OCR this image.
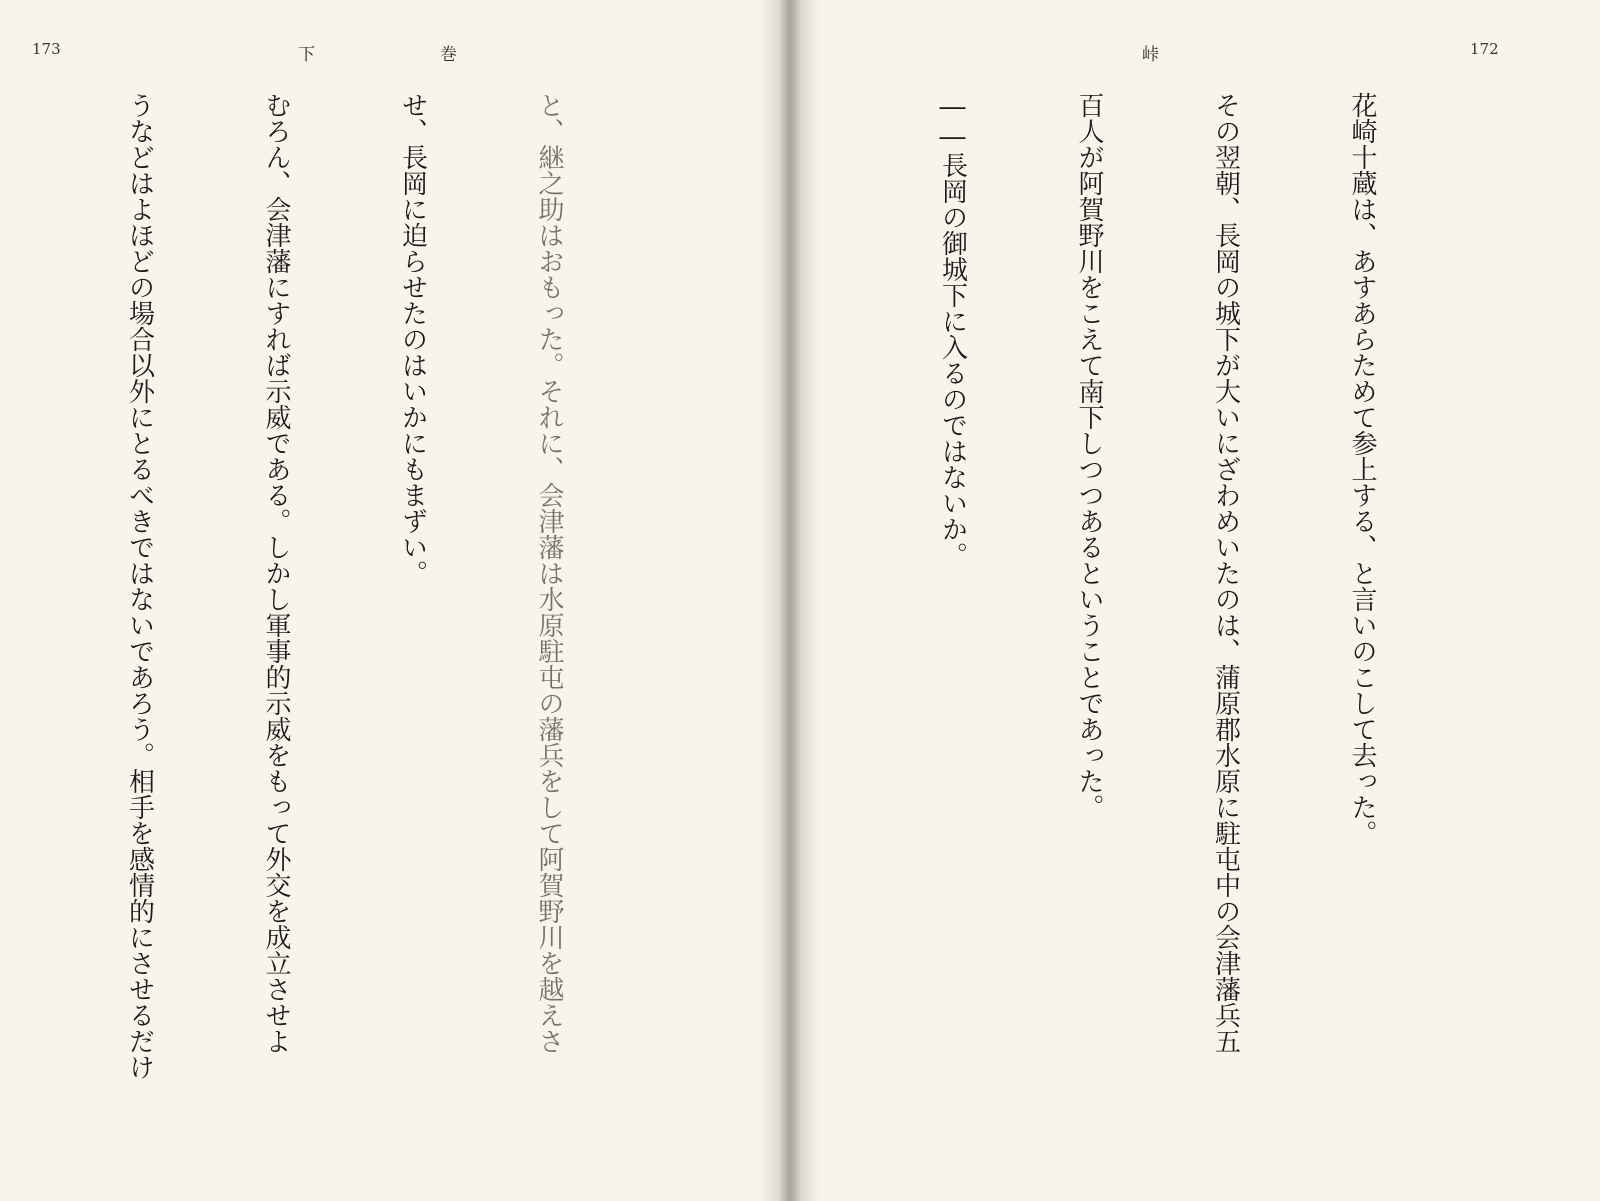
172
峠

花崎十蔵は、あすあらためて参上する、と言いのこして去った。

その翌朝、長岡の城下が大いにざわめいたのは、蒲原郡水原に駐屯中の会津藩兵五

百人が阿賀野川をこえて南下しつつあるということであった。

――長岡の御城下に入るのではないか。

173	下	巻

と、継之助はおもった。それに、会津藩は水原駐屯の藩兵をして阿賀野川を越えさ

せ、長岡に迫らせたのはいかにもまずい。

むろん、会津藩にすれば示威である。しかし軍事的示威をもって外交を成立させよ

うなどはよほどの場合以外にとるべきではないであろう。相手を感情的にさせるだけ
